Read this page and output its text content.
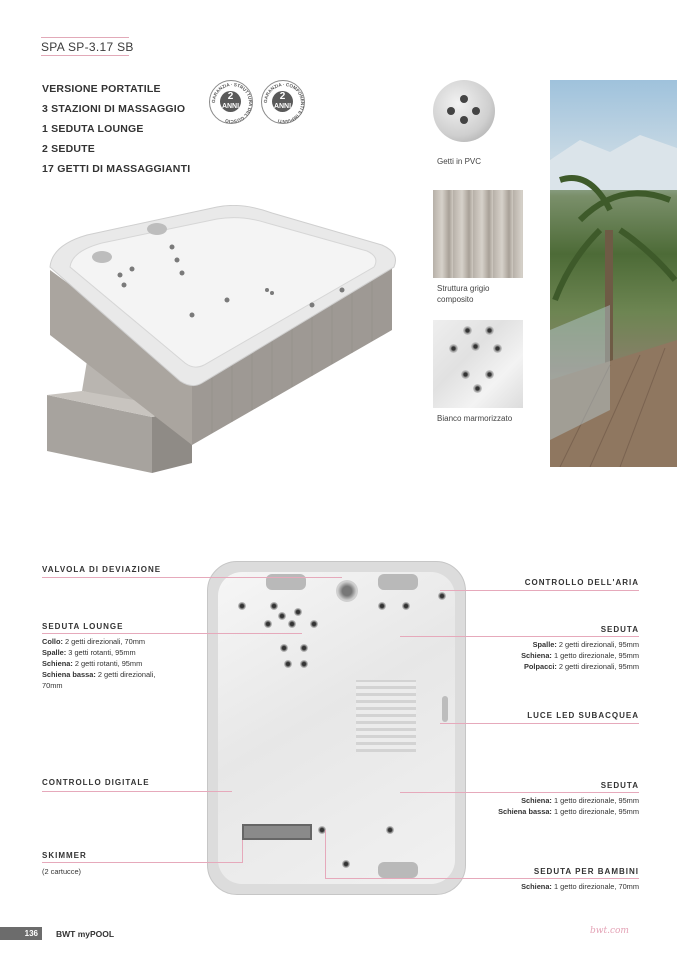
SPA SP-3.17 SB
VERSIONE PORTATILE
3 STAZIONI DI MASSAGGIO
1 SEDUTA LOUNGE
2 SEDUTE
17 GETTI DI MASSAGGIANTI
GARANZIA · STRUTTURA DEL GUSCIO
2
ANNI
GARANZIA · COMPONENTI E IMPIANTI
2
ANNI
Getti in PVC
Struttura grigio
composito
Bianco marmorizzato
VALVOLA DI DEVIAZIONE
SEDUTA LOUNGE
Collo: 2 getti direzionali, 70mm
Spalle: 3 getti rotanti, 95mm
Schiena: 2 getti rotanti, 95mm
Schiena bassa: 2 getti direzionali,
70mm
CONTROLLO DIGITALE
SKIMMER
(2 cartucce)
CONTROLLO DELL'ARIA
SEDUTA
Spalle: 2 getti direzionali, 95mm
Schiena: 1 getto direzionale, 95mm
Polpacci: 2 getti direzionali, 95mm
LUCE LED SUBACQUEA
SEDUTA
Schiena: 1 getto direzionale, 95mm
Schiena bassa: 1 getto direzionale, 95mm
SEDUTA PER BAMBINI
Schiena: 1 getto direzionale, 70mm
136	BWT myPOOL	bwt.com
